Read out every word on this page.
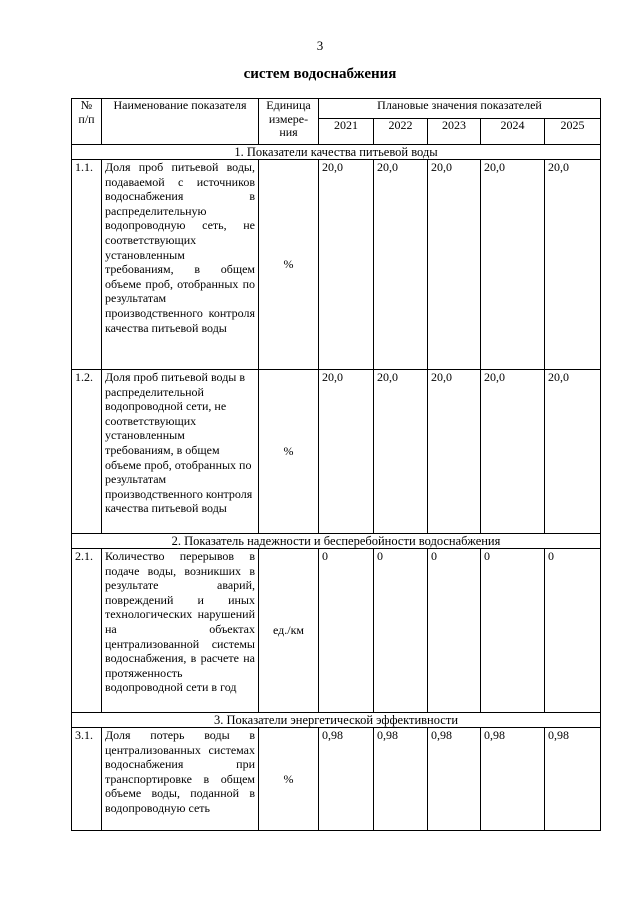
3
систем водоснабжения
№ п/п	Наименование показателя	Единица измере-ния	Плановые значения показателей				
			2021	2022	2023	2024	2025
1. Показатели качества питьевой воды							
1.1.	Доля проб питьевой воды, подаваемой с источников водоснабжения в распределительную водопроводную сеть, не соответствующих установленным требованиям, в общем объеме проб, отобранных по результатам производственного контроля качества питьевой воды	%	20,0	20,0	20,0	20,0	20,0
1.2.	Доля проб питьевой воды в распределительной водопроводной сети, не соответствующих установленным требованиям, в общем объеме проб, отобранных по результатам производственного контроля качества питьевой воды	%	20,0	20,0	20,0	20,0	20,0
2. Показатель надежности и бесперебойности водоснабжения							
2.1.	Количество перерывов в подаче воды, возникших в результате аварий, повреждений и иных технологических нарушений на объектах централизованной системы водоснабжения, в расчете на протяженность водопроводной сети в год	ед./км	0	0	0	0	0
3. Показатели энергетической эффективности							
3.1.	Доля потерь воды в централизованных системах водоснабжения при транспортировке в общем объеме воды, поданной в водопроводную сеть	%	0,98	0,98	0,98	0,98	0,98
